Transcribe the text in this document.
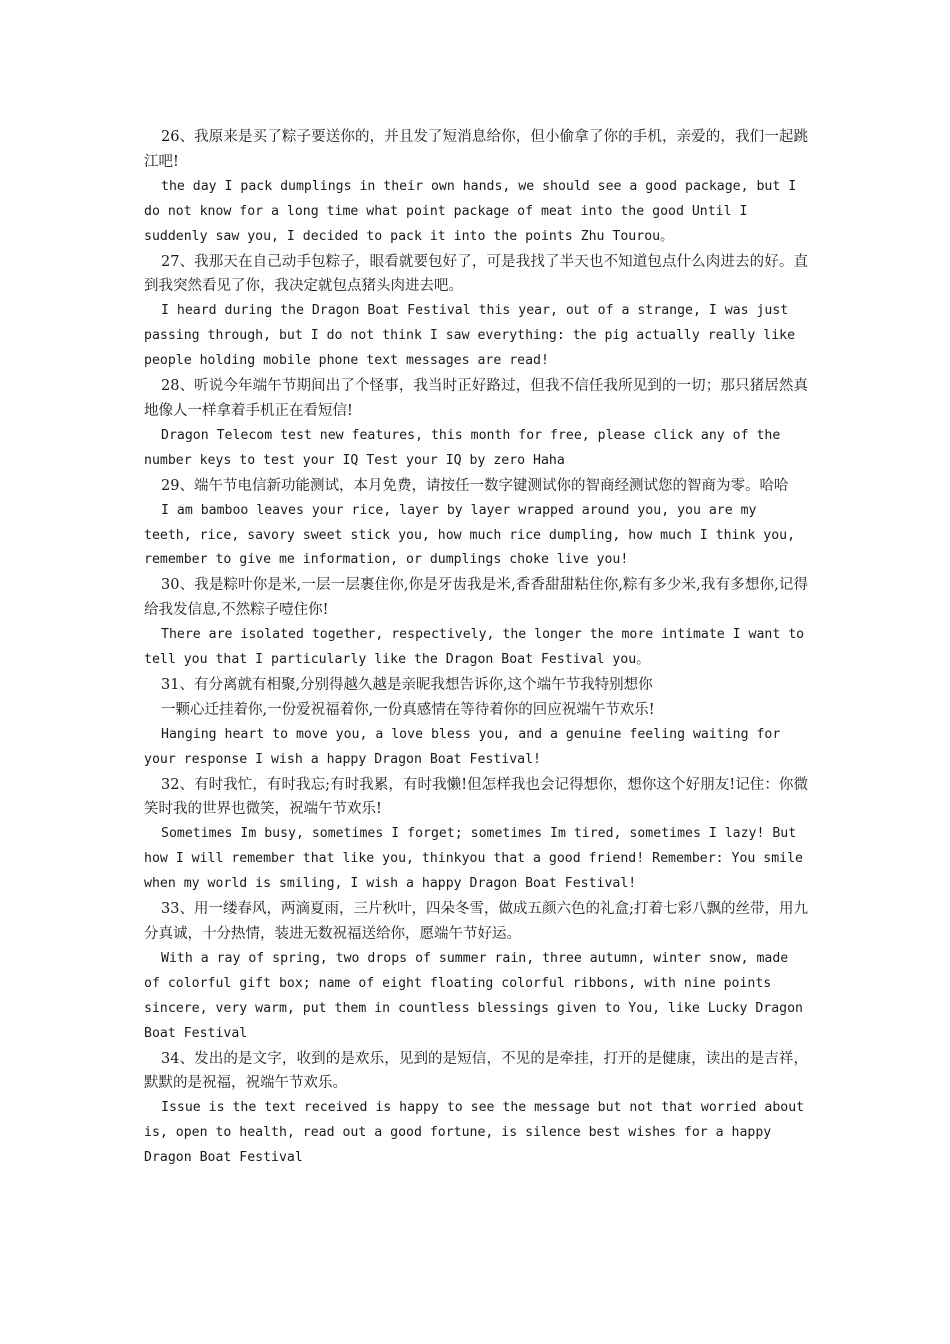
26、我原来是买了粽子要送你的，并且发了短消息给你，但小偷拿了你的手机，亲爱的，我们一起跳江吧!

the day I pack dumplings in their own hands, we should see a good package, but I do not know for a long time what point package of meat into the good Until I suddenly saw you, I decided to pack it into the points Zhu Tourou。

27、我那天在自己动手包粽子，眼看就要包好了，可是我找了半天也不知道包点什么肉进去的好。直到我突然看见了你，我决定就包点猪头肉进去吧。

I heard during the Dragon Boat Festival this year, out of a strange, I was just passing through, but I do not think I saw everything: the pig actually really like people holding mobile phone text messages are read!

28、听说今年端午节期间出了个怪事，我当时正好路过，但我不信任我所见到的一切；那只猪居然真地像人一样拿着手机正在看短信!

Dragon Telecom test new features, this month for free, please click any of the number keys to test your IQ Test your IQ by zero Haha

29、端午节电信新功能测试，本月免费，请按任一数字键测试你的智商经测试您的智商为零。哈哈

I am bamboo leaves your rice, layer by layer wrapped around you, you are my teeth, rice, savory sweet stick you, how much rice dumpling, how much I think you, remember to give me information, or dumplings choke live you!

30、我是粽叶你是米,一层一层裹住你,你是牙齿我是米,香香甜甜粘住你,粽有多少米,我有多想你,记得给我发信息,不然粽子噎住你!

There are isolated together, respectively, the longer the more intimate I want to tell you that I particularly like the Dragon Boat Festival you。

31、有分离就有相聚,分别得越久越是亲昵我想告诉你,这个端午节我特别想你

一颗心迁挂着你,一份爱祝福着你,一份真感情在等待着你的回应祝端午节欢乐!

Hanging heart to move you, a love bless you, and a genuine feeling waiting for your response I wish a happy Dragon Boat Festival!

32、有时我忙，有时我忘;有时我累，有时我懒!但怎样我也会记得想你，想你这个好朋友!记住：你微笑时我的世界也微笑，祝端午节欢乐!

Sometimes Im busy, sometimes I forget; sometimes Im tired, sometimes I lazy! But how I will remember that like you, thinkyou that a good friend! Remember: You smile when my world is smiling, I wish a happy Dragon Boat Festival!

33、用一缕春风，两滴夏雨，三片秋叶，四朵冬雪，做成五颜六色的礼盒;打着七彩八飘的丝带，用九分真诚，十分热情，装进无数祝福送给你，愿端午节好运。

With a ray of spring, two drops of summer rain, three autumn, winter snow, made of colorful gift box; name of eight floating colorful ribbons, with nine points sincere, very warm, put them in countless blessings given to You, like Lucky Dragon Boat Festival

34、发出的是文字，收到的是欢乐，见到的是短信，不见的是牵挂，打开的是健康，读出的是吉祥，默默的是祝福，祝端午节欢乐。

Issue is the text received is happy to see the message but not that worried about is, open to health, read out a good fortune, is silence best wishes for a happy Dragon Boat Festival
